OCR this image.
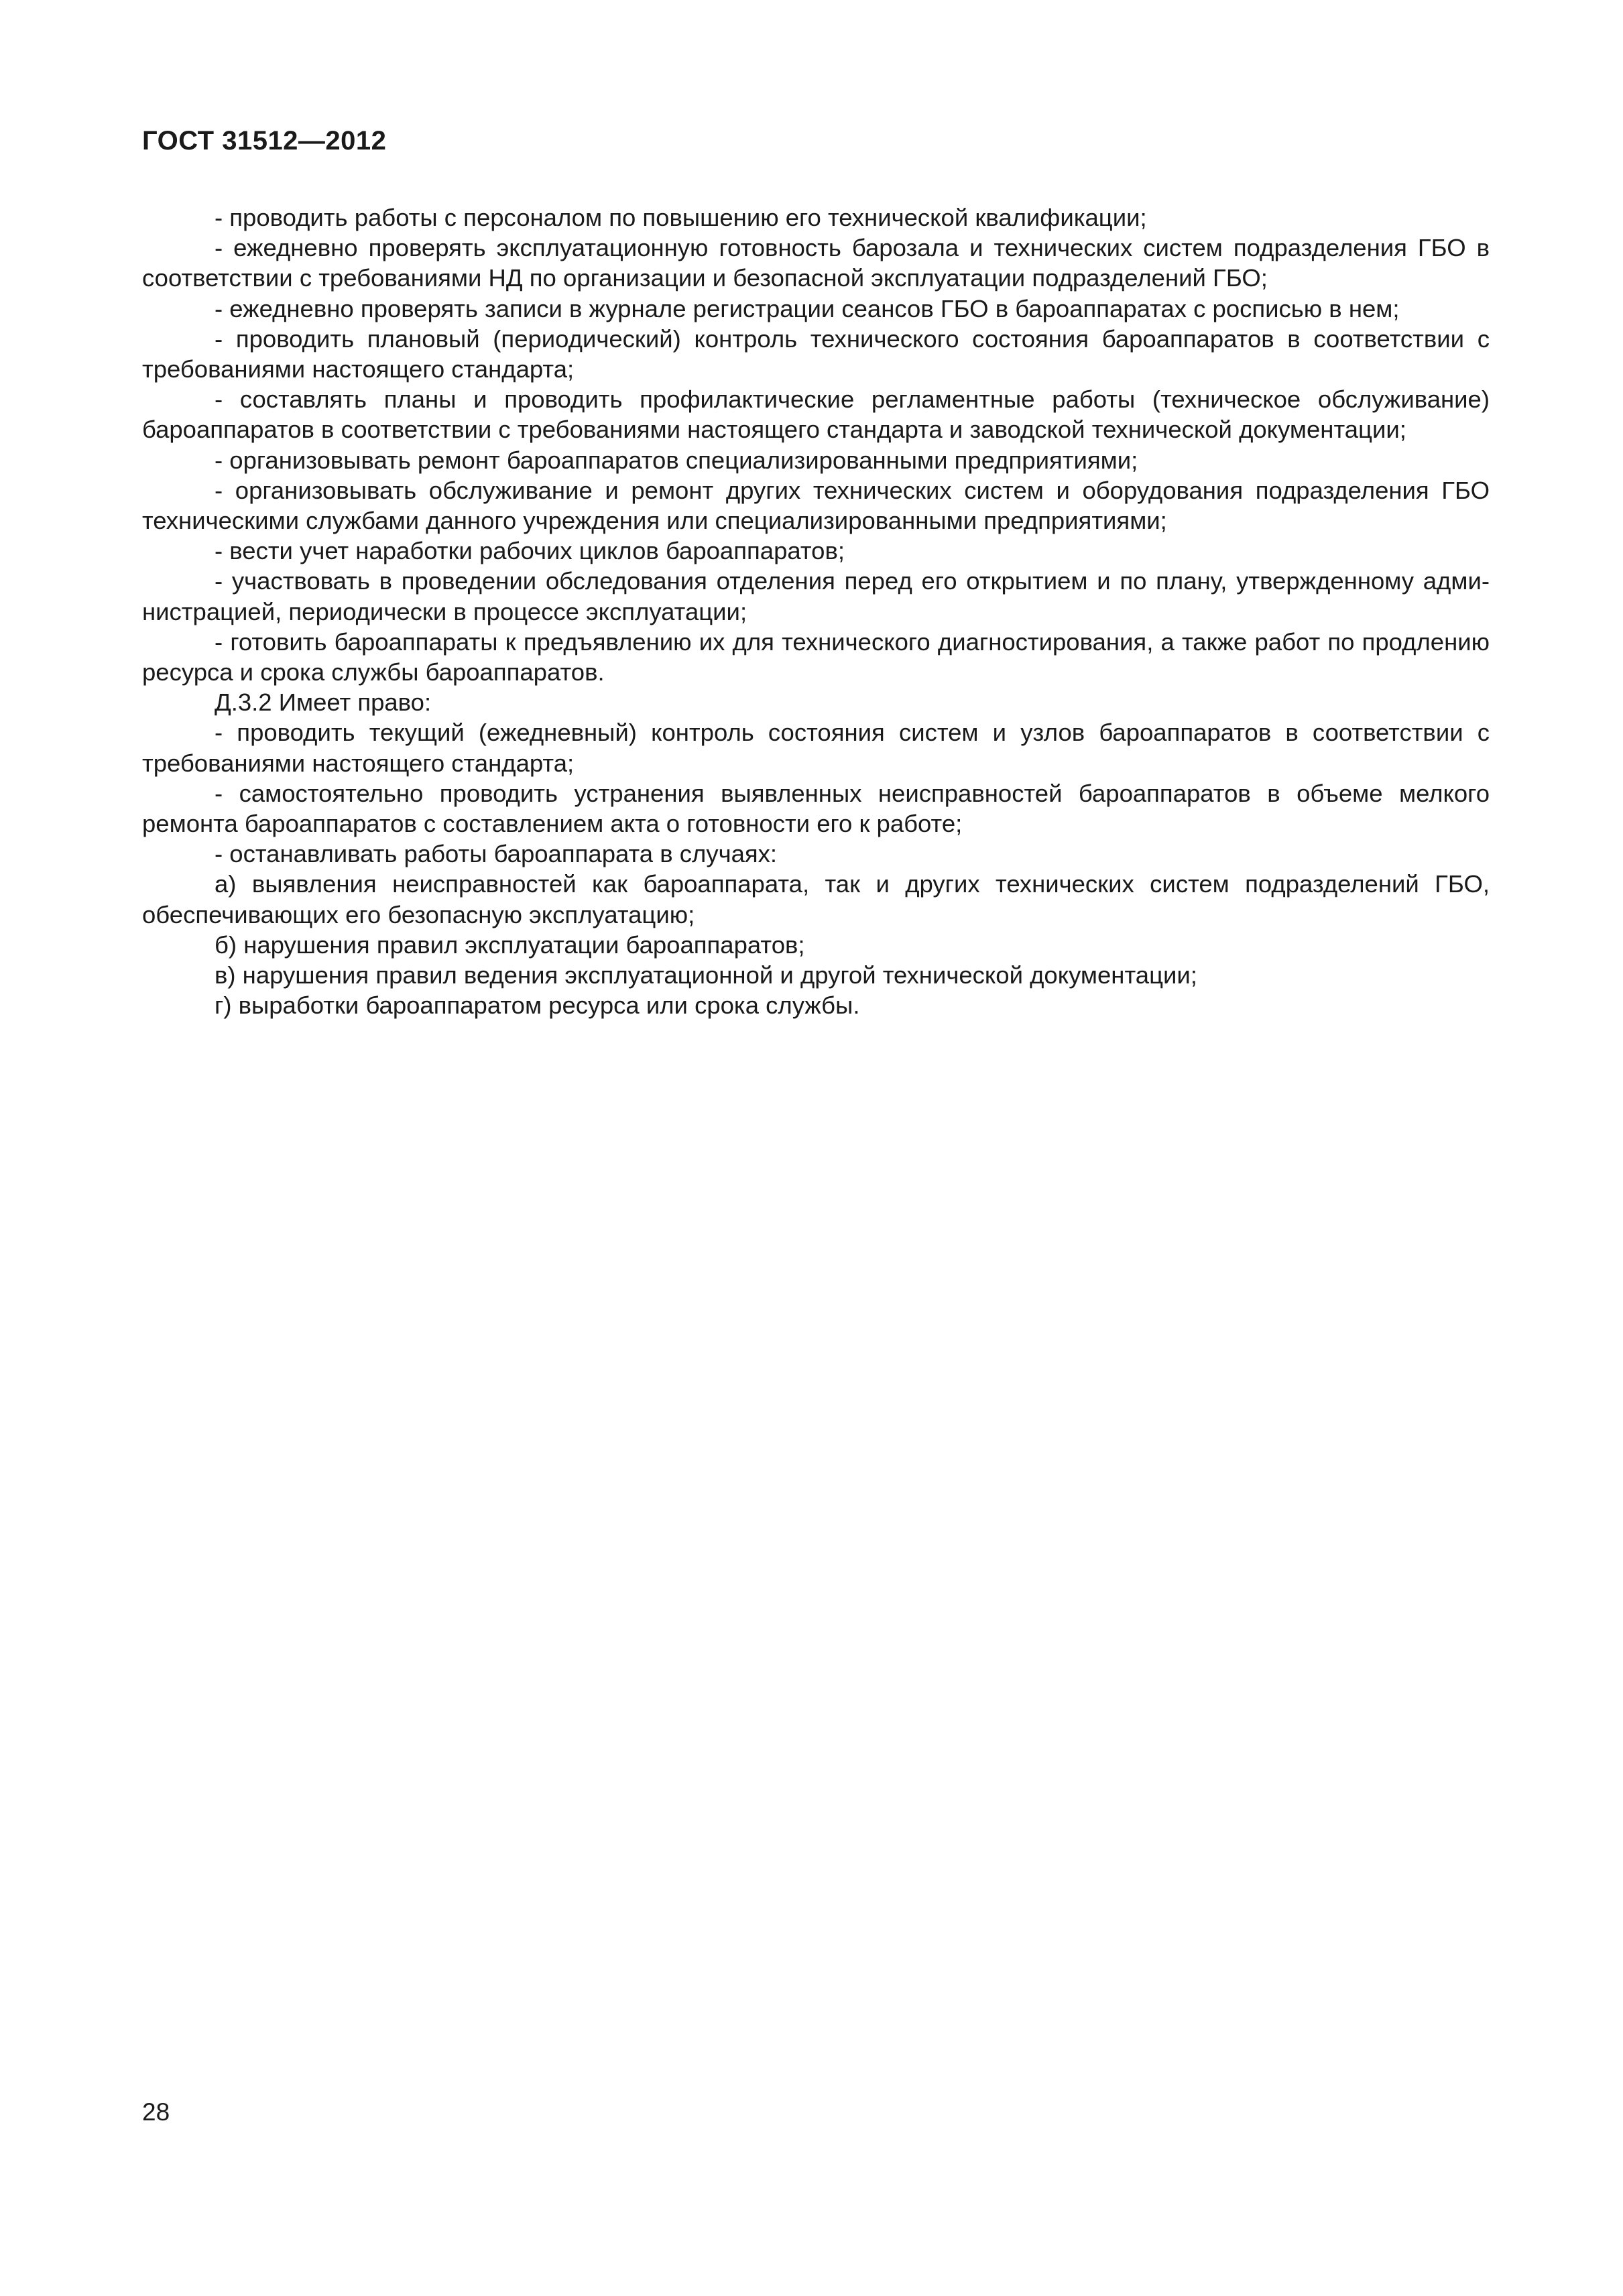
ГОСТ 31512—2012

- проводить работы с персоналом по повышению его технической квалификации;

- ежедневно проверять эксплуатационную готовность барозала и технических систем подразделения ГБО в соответствии с требованиями НД по организации и безопасной эксплуатации подразделений ГБО;

- ежедневно проверять записи в журнале регистрации сеансов ГБО в бароаппаратах с росписью в нем;

- проводить плановый (периодический) контроль технического состояния бароаппаратов в соответствии с требованиями настоящего стандарта;

- составлять планы и проводить профилактические регламентные работы (техническое обслуживание) бароаппаратов в соответствии с требованиями настоящего стандарта и заводской технической документации;

- организовывать ремонт бароаппаратов специализированными предприятиями;

- организовывать обслуживание и ремонт других технических систем и оборудования подразделения ГБО техническими службами данного учреждения или специализированными предприятиями;

- вести учет наработки рабочих циклов бароаппаратов;

- участвовать в проведении обследования отделения перед его открытием и по плану, утвержденному администрацией, периодически в процессе эксплуатации;

- готовить бароаппараты к предъявлению их для технического диагностирования, а также работ по продлению ресурса и срока службы бароаппаратов.

Д.3.2 Имеет право:

- проводить текущий (ежедневный) контроль состояния систем и узлов бароаппаратов в соответствии с требованиями настоящего стандарта;

- самостоятельно проводить устранения выявленных неисправностей бароаппаратов в объеме мелкого ремонта бароаппаратов с составлением акта о готовности его к работе;

- останавливать работы бароаппарата в случаях:

а) выявления неисправностей как бароаппарата, так и других технических систем подразделений ГБО, обеспечивающих его безопасную эксплуатацию;

б) нарушения правил эксплуатации бароаппаратов;

в) нарушения правил ведения эксплуатационной и другой технической документации;

г) выработки бароаппаратом ресурса или срока службы.

28
